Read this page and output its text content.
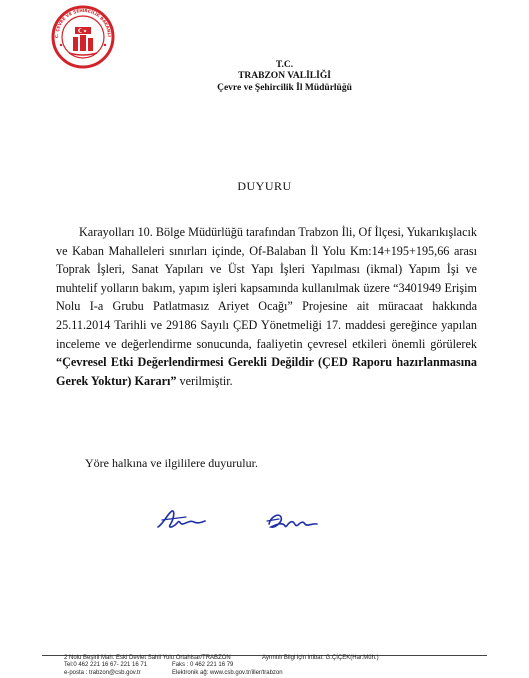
C. ÇEVRE VE ŞEHİRCİLİK BAKANLI
T.C.
TRABZON VALİLİĞİ
Çevre ve Şehircilik İl Müdürlüğü
DUYURU
Karayolları 10. Bölge Müdürlüğü tarafından Trabzon İli, Of İlçesi, Yukarıkışlacık ve Kaban Mahalleleri sınırları içinde, Of-Balaban İl Yolu Km:14+195+195,66 arası Toprak İşleri, Sanat Yapıları ve Üst Yapı İşleri Yapılması (ikmal) Yapım İşi ve muhtelif yolların bakım, yapım işleri kapsamında kullanılmak üzere “3401949 Erişim Nolu I-a Grubu Patlatmasız Ariyet Ocağı” Projesine ait müracaat hakkında 25.11.2014 Tarihli ve 29186 Sayılı ÇED Yönetmeliği 17. maddesi gereğince yapılan inceleme ve değerlendirme sonucunda, faaliyetin çevresel etkileri önemli görülerek “Çevresel Etki Değerlendirmesi Gerekli Değildir (ÇED Raporu hazırlanmasına Gerek Yoktur) Kararı” verilmiştir.
Yöre halkına ve ilgililere duyurulur.
2 Nolu Beşirli Mah. Eski Devlet Sahil Yolu Ortahisar/TRABZON	Ayrıntılı Bilgi için irtibat: G.ÇİÇEK(Har.Müh.)
Tel:0 462 221 16 67- 221 16 71	Faks : 0 462 221 16 79
e-posta : trabzon@csb.gov.tr	Elektronik ağ: www.csb.gov.tr/iller/trabzon
